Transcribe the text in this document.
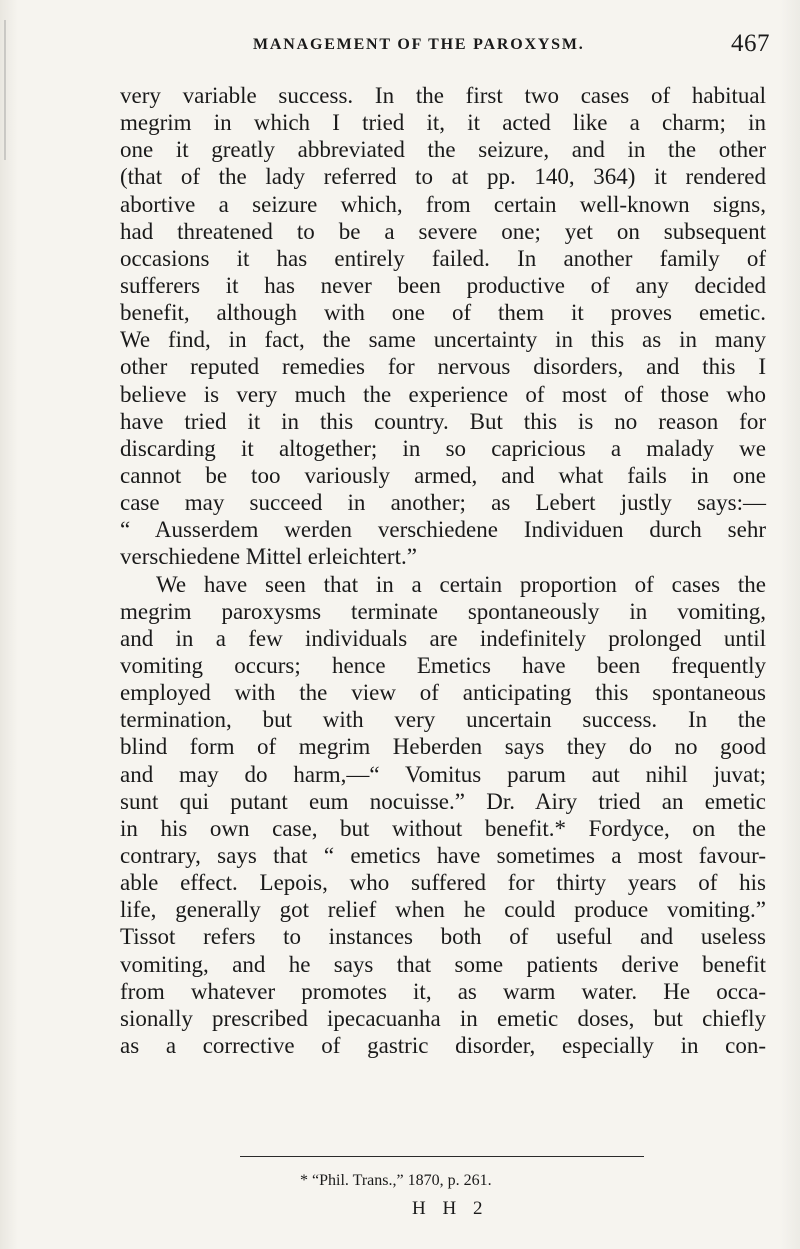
MANAGEMENT OF THE PAROXYSM.	467
very variable success. In the first two cases of habitual
megrim in which I tried it, it acted like a charm; in
one it greatly abbreviated the seizure, and in the other
(that of the lady referred to at pp. 140, 364) it rendered
abortive a seizure which, from certain well-known signs,
had threatened to be a severe one; yet on subsequent
occasions it has entirely failed. In another family of
sufferers it has never been productive of any decided
benefit, although with one of them it proves emetic.
We find, in fact, the same uncertainty in this as in many
other reputed remedies for nervous disorders, and this I
believe is very much the experience of most of those who
have tried it in this country. But this is no reason for
discarding it altogether; in so capricious a malady we
cannot be too variously armed, and what fails in one
case may succeed in another; as Lebert justly says:—
“ Ausserdem werden verschiedene Individuen durch sehr
verschiedene Mittel erleichtert.”
We have seen that in a certain proportion of cases the
megrim paroxysms terminate spontaneously in vomiting,
and in a few individuals are indefinitely prolonged until
vomiting occurs; hence Emetics have been frequently
employed with the view of anticipating this spontaneous
termination, but with very uncertain success. In the
blind form of megrim Heberden says they do no good
and may do harm,—“ Vomitus parum aut nihil juvat;
sunt qui putant eum nocuisse.” Dr. Airy tried an emetic
in his own case, but without benefit.* Fordyce, on the
contrary, says that “ emetics have sometimes a most favour-
able effect. Lepois, who suffered for thirty years of his
life, generally got relief when he could produce vomiting.”
Tissot refers to instances both of useful and useless
vomiting, and he says that some patients derive benefit
from whatever promotes it, as warm water. He occa-
sionally prescribed ipecacuanha in emetic doses, but chiefly
as a corrective of gastric disorder, especially in con-
* “Phil. Trans.,” 1870, p. 261.
H H 2
